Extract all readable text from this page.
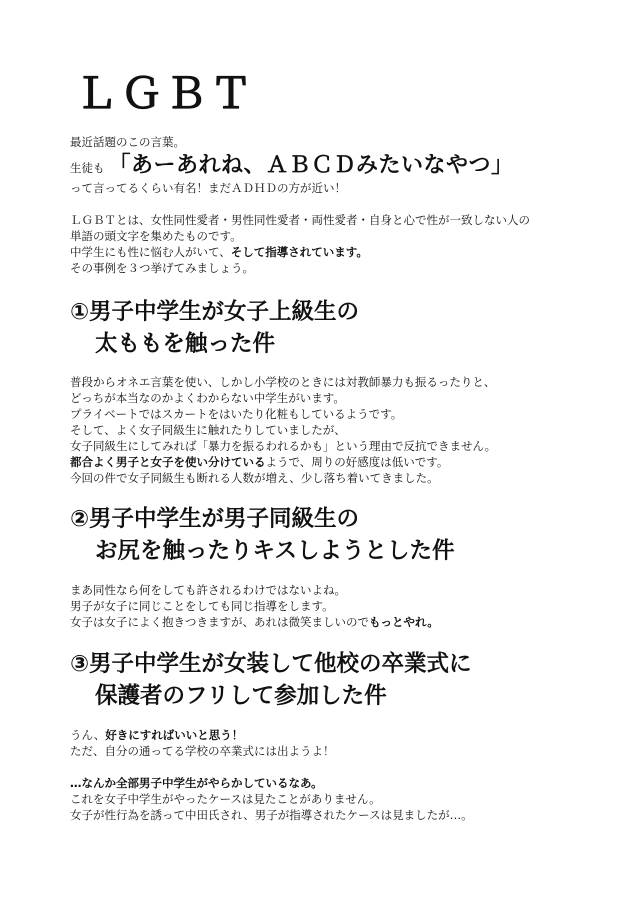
ＬＧＢＴ

最近話題のこの言葉。

生徒も 「あーあれね、ＡＢＣＤみたいなやつ」

って言ってるくらい有名！まだＡＤＨＤの方が近い！

ＬＧＢＴとは、女性同性愛者・男性同性愛者・両性愛者・自身と心で性が一致しない人の

単語の頭文字を集めたものです。

中学生にも性に悩む人がいて、そして指導されています。

その事例を３つ挙げてみましょう。

①男子中学生が女子上級生の
太ももを触った件

普段からオネエ言葉を使い、しかし小学校のときには対教師暴力も振るったりと、

どっちが本当なのかよくわからない中学生がいます。

プライベートではスカートをはいたり化粧もしているようです。

そして、よく女子同級生に触れたりしていましたが、

女子同級生にしてみれば「暴力を振るわれるかも」という理由で反抗できません。

都合よく男子と女子を使い分けているようで、周りの好感度は低いです。

今回の件で女子同級生も断れる人数が増え、少し落ち着いてきました。

②男子中学生が男子同級生の
お尻を触ったりキスしようとした件

まあ同性なら何をしても許されるわけではないよね。

男子が女子に同じことをしても同じ指導をします。

女子は女子によく抱きつきますが、あれは微笑ましいのでもっとやれ。

③男子中学生が女装して他校の卒業式に
保護者のフリして参加した件

うん、好きにすればいいと思う！

ただ、自分の通ってる学校の卒業式には出ようよ！

…なんか全部男子中学生がやらかしているなあ。

これを女子中学生がやったケースは見たことがありません。

女子が性行為を誘って中田氏され、男子が指導されたケースは見ましたが…。
